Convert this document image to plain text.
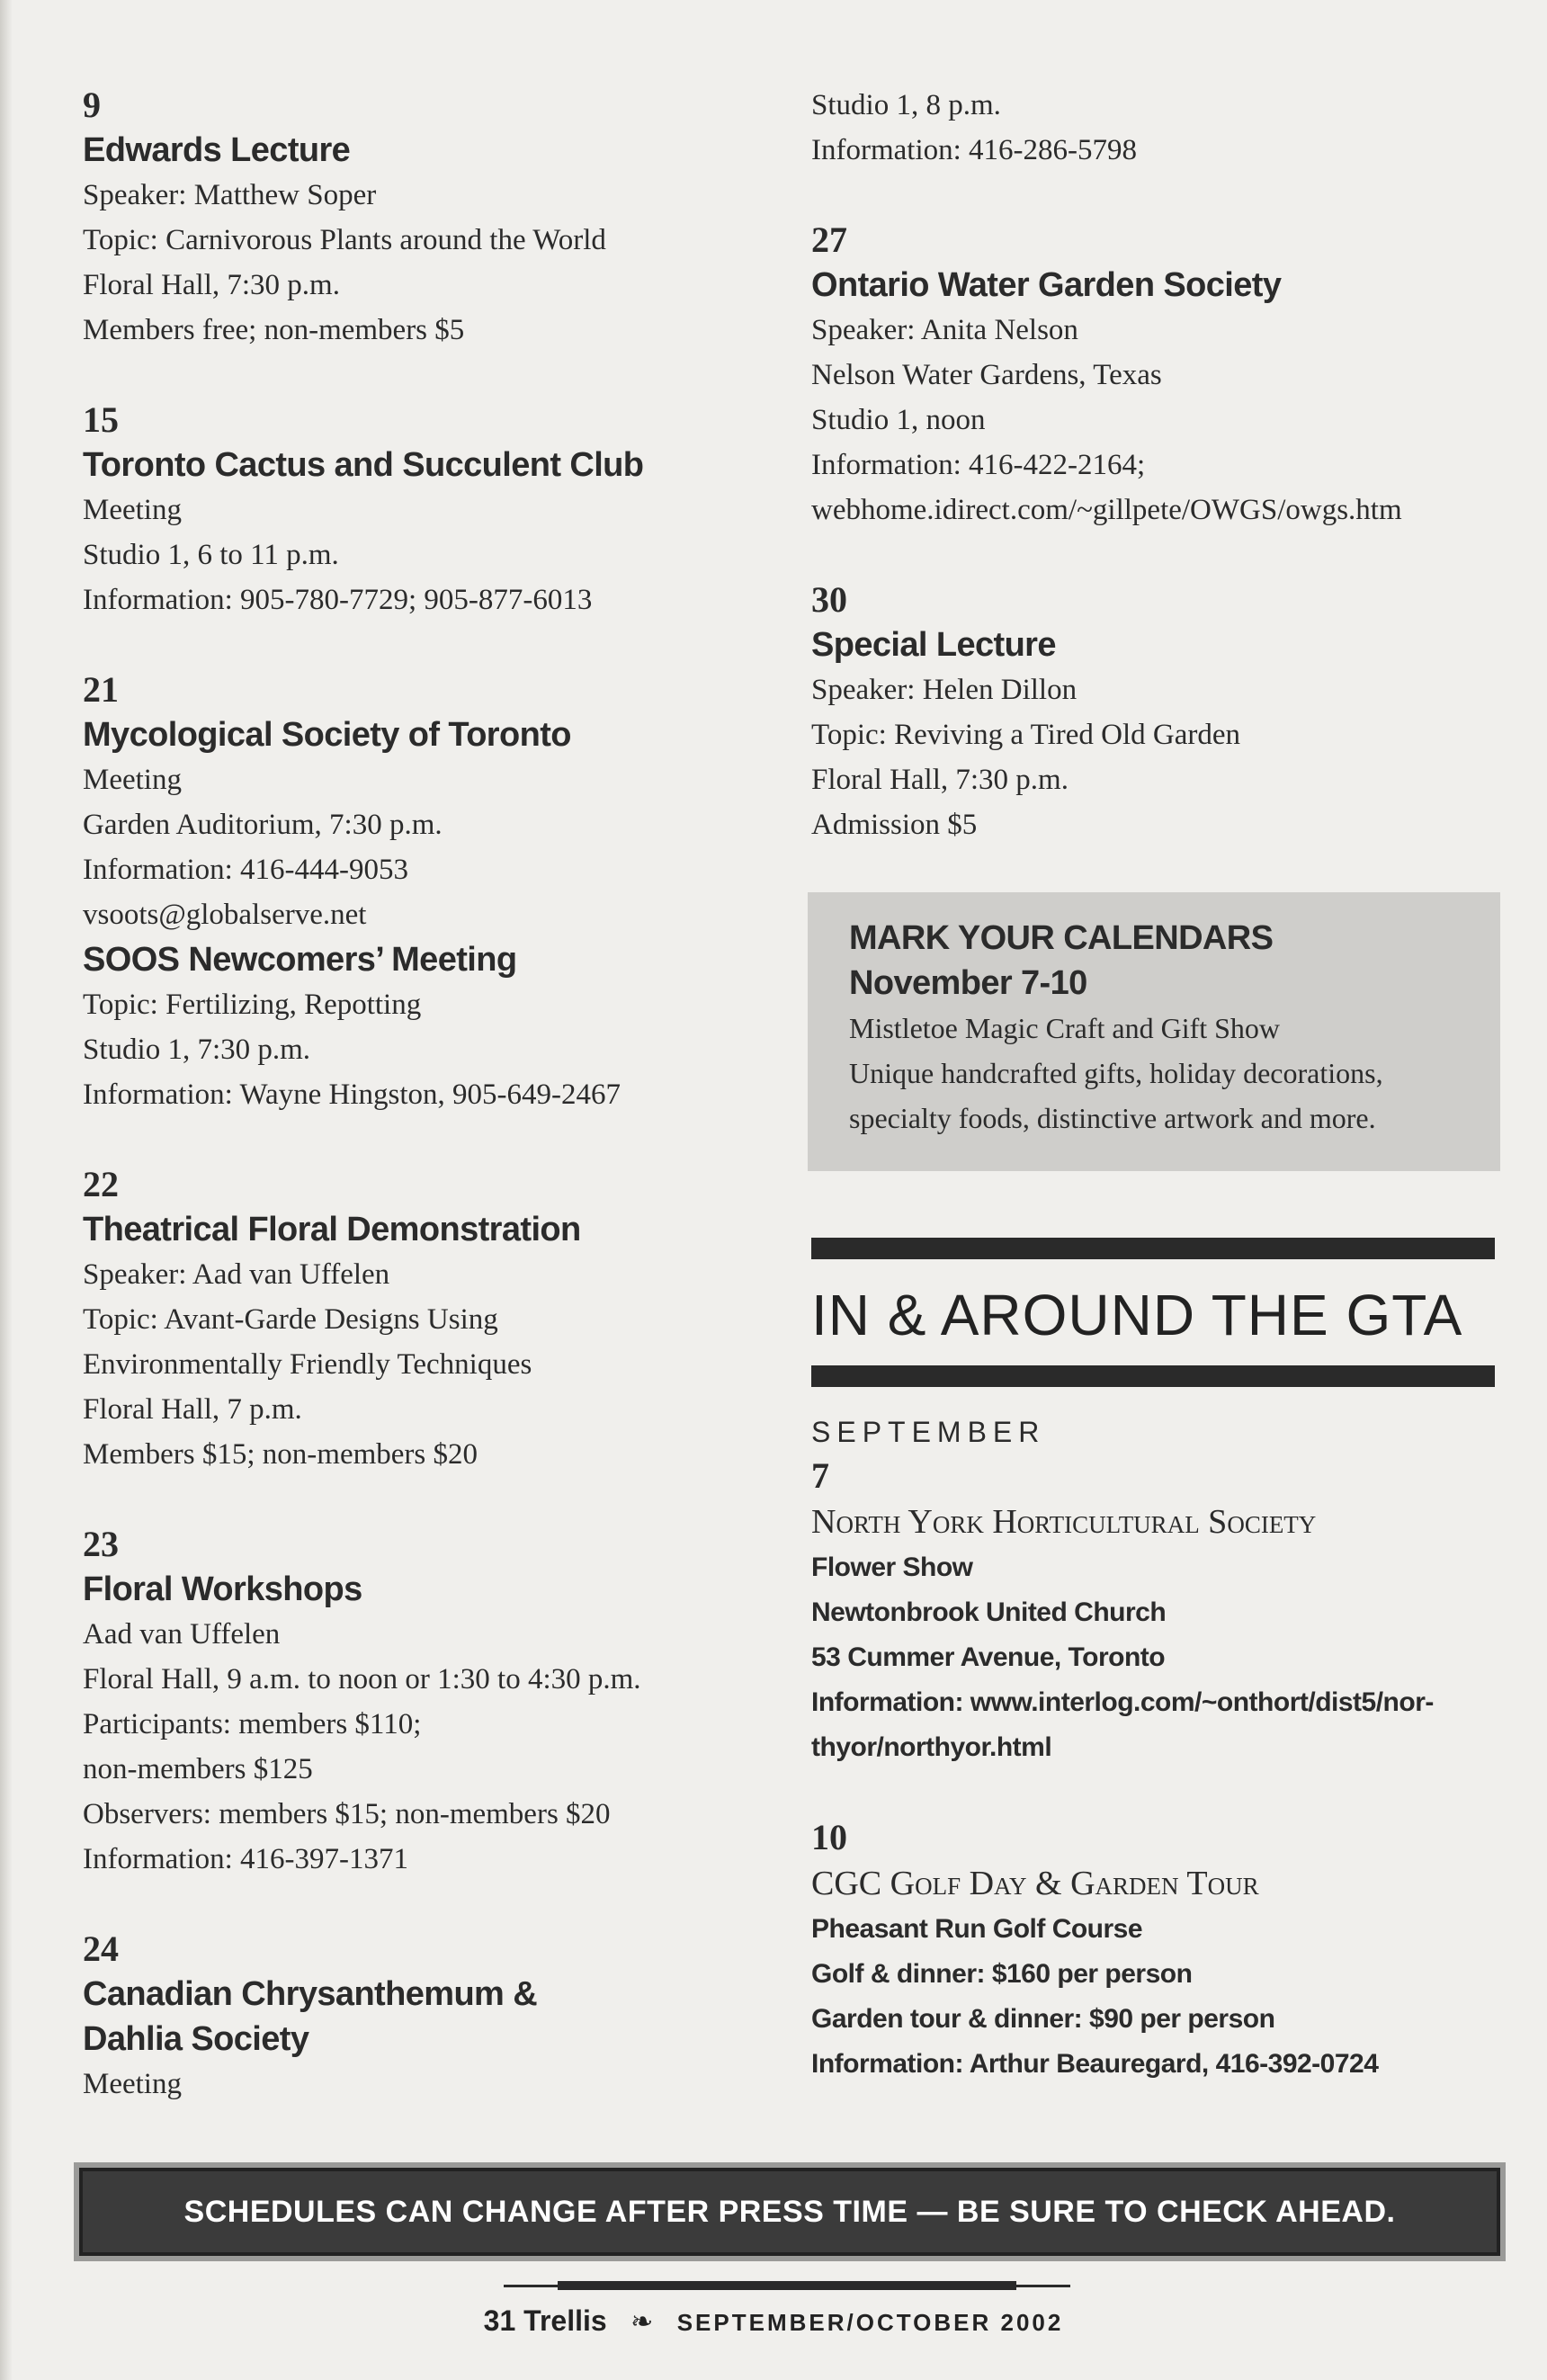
9

Edwards Lecture

Speaker: Matthew Soper

Topic: Carnivorous Plants around the World

Floral Hall, 7:30 p.m.

Members free; non-members $5

15

Toronto Cactus and Succulent Club

Meeting

Studio 1, 6 to 11 p.m.

Information: 905-780-7729; 905-877-6013

21

Mycological Society of Toronto

Meeting

Garden Auditorium, 7:30 p.m.

Information: 416-444-9053

vsoots@globalserve.net

SOOS Newcomers’ Meeting

Topic: Fertilizing, Repotting

Studio 1, 7:30 p.m.

Information: Wayne Hingston, 905-649-2467

22

Theatrical Floral Demonstration

Speaker: Aad van Uffelen

Topic: Avant-Garde Designs Using

Environmentally Friendly Techniques

Floral Hall, 7 p.m.

Members $15; non-members $20

23

Floral Workshops

Aad van Uffelen

Floral Hall, 9 a.m. to noon or 1:30 to 4:30 p.m.

Participants: members $110;

non-members $125

Observers: members $15; non-members $20

Information: 416-397-1371

24

Canadian Chrysanthemum &

Dahlia Society

Meeting

Studio 1, 8 p.m.

Information: 416-286-5798

27

Ontario Water Garden Society

Speaker: Anita Nelson

Nelson Water Gardens, Texas

Studio 1, noon

Information: 416-422-2164;

webhome.idirect.com/~gillpete/OWGS/owgs.htm

30

Special Lecture

Speaker: Helen Dillon

Topic: Reviving a Tired Old Garden

Floral Hall, 7:30 p.m.

Admission $5

MARK YOUR CALENDARS

November 7-10

Mistletoe Magic Craft and Gift Show

Unique handcrafted gifts, holiday decorations,

specialty foods, distinctive artwork and more.

IN & AROUND THE GTA

SEPTEMBER

7

North York Horticultural Society

Flower Show

Newtonbrook United Church

53 Cummer Avenue, Toronto

Information: www.interlog.com/~onthort/dist5/nor-

thyor/northyor.html

10

CGC Golf Day & Garden Tour

Pheasant Run Golf Course

Golf & dinner: $160 per person

Garden tour & dinner: $90 per person

Information: Arthur Beauregard, 416-392-0724

SCHEDULES CAN CHANGE AFTER PRESS TIME — BE SURE TO CHECK AHEAD.
31 Trellis ❧ SEPTEMBER/OCTOBER 2002
